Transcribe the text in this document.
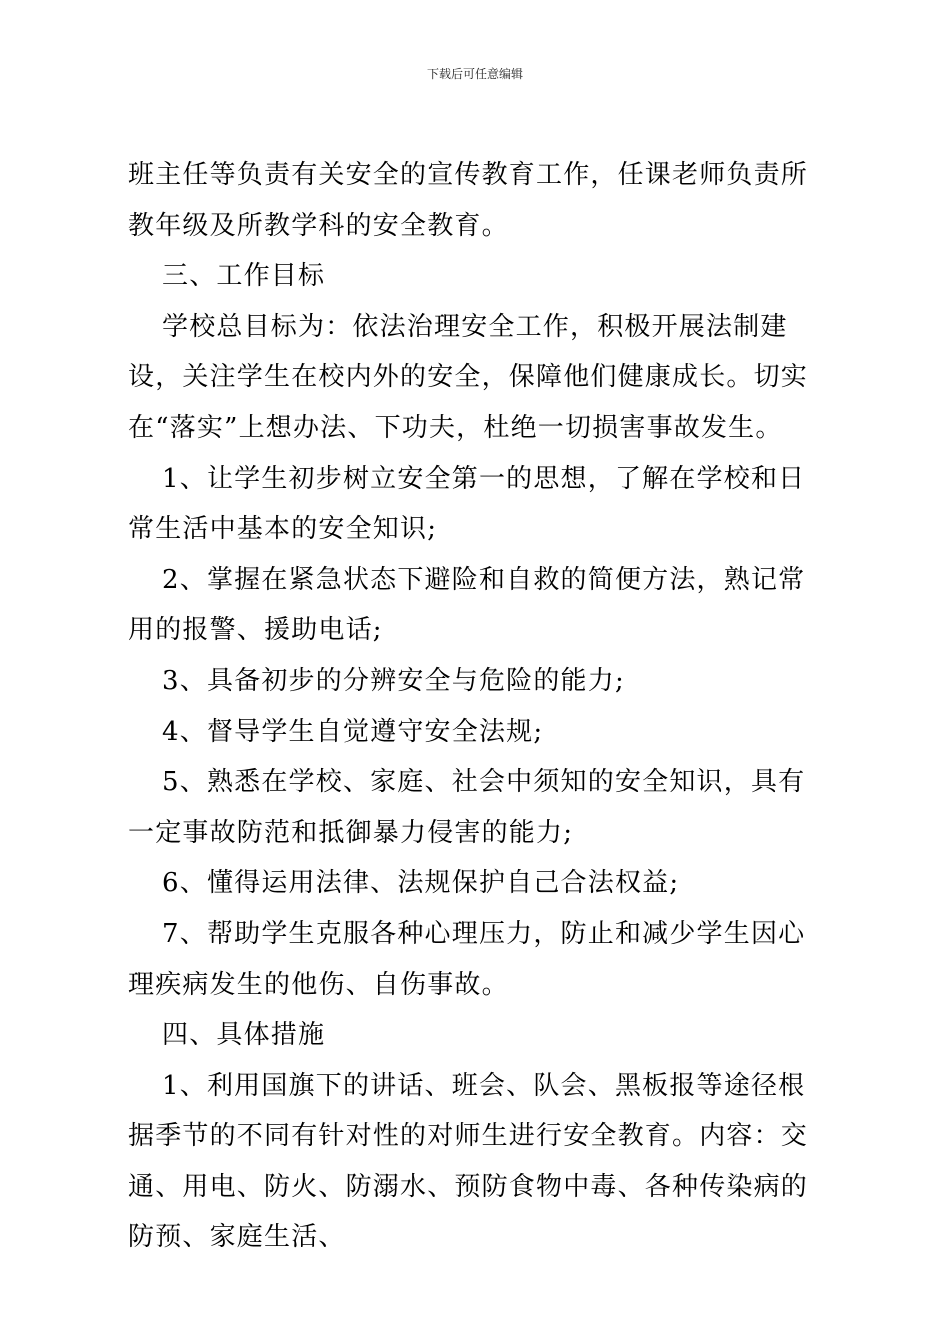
下载后可任意编辑

班主任等负责有关安全的宣传教育工作，任课老师负责所教年级及所教学科的安全教育。

三、工作目标

学校总目标为：依法治理安全工作，积极开展法制建设，关注学生在校内外的安全，保障他们健康成长。切实在“落实”上想办法、下功夫，杜绝一切损害事故发生。

1、让学生初步树立安全第一的思想，了解在学校和日常生活中基本的安全知识;

2、掌握在紧急状态下避险和自救的简便方法，熟记常用的报警、援助电话;

3、具备初步的分辨安全与危险的能力;

4、督导学生自觉遵守安全法规;

5、熟悉在学校、家庭、社会中须知的安全知识，具有一定事故防范和抵御暴力侵害的能力;

6、懂得运用法律、法规保护自己合法权益;

7、帮助学生克服各种心理压力，防止和减少学生因心理疾病发生的他伤、自伤事故。

四、具体措施

1、利用国旗下的讲话、班会、队会、黑板报等途径根据季节的不同有针对性的对师生进行安全教育。内容：交通、用电、防火、防溺水、预防食物中毒、各种传染病的防预、家庭生活、
